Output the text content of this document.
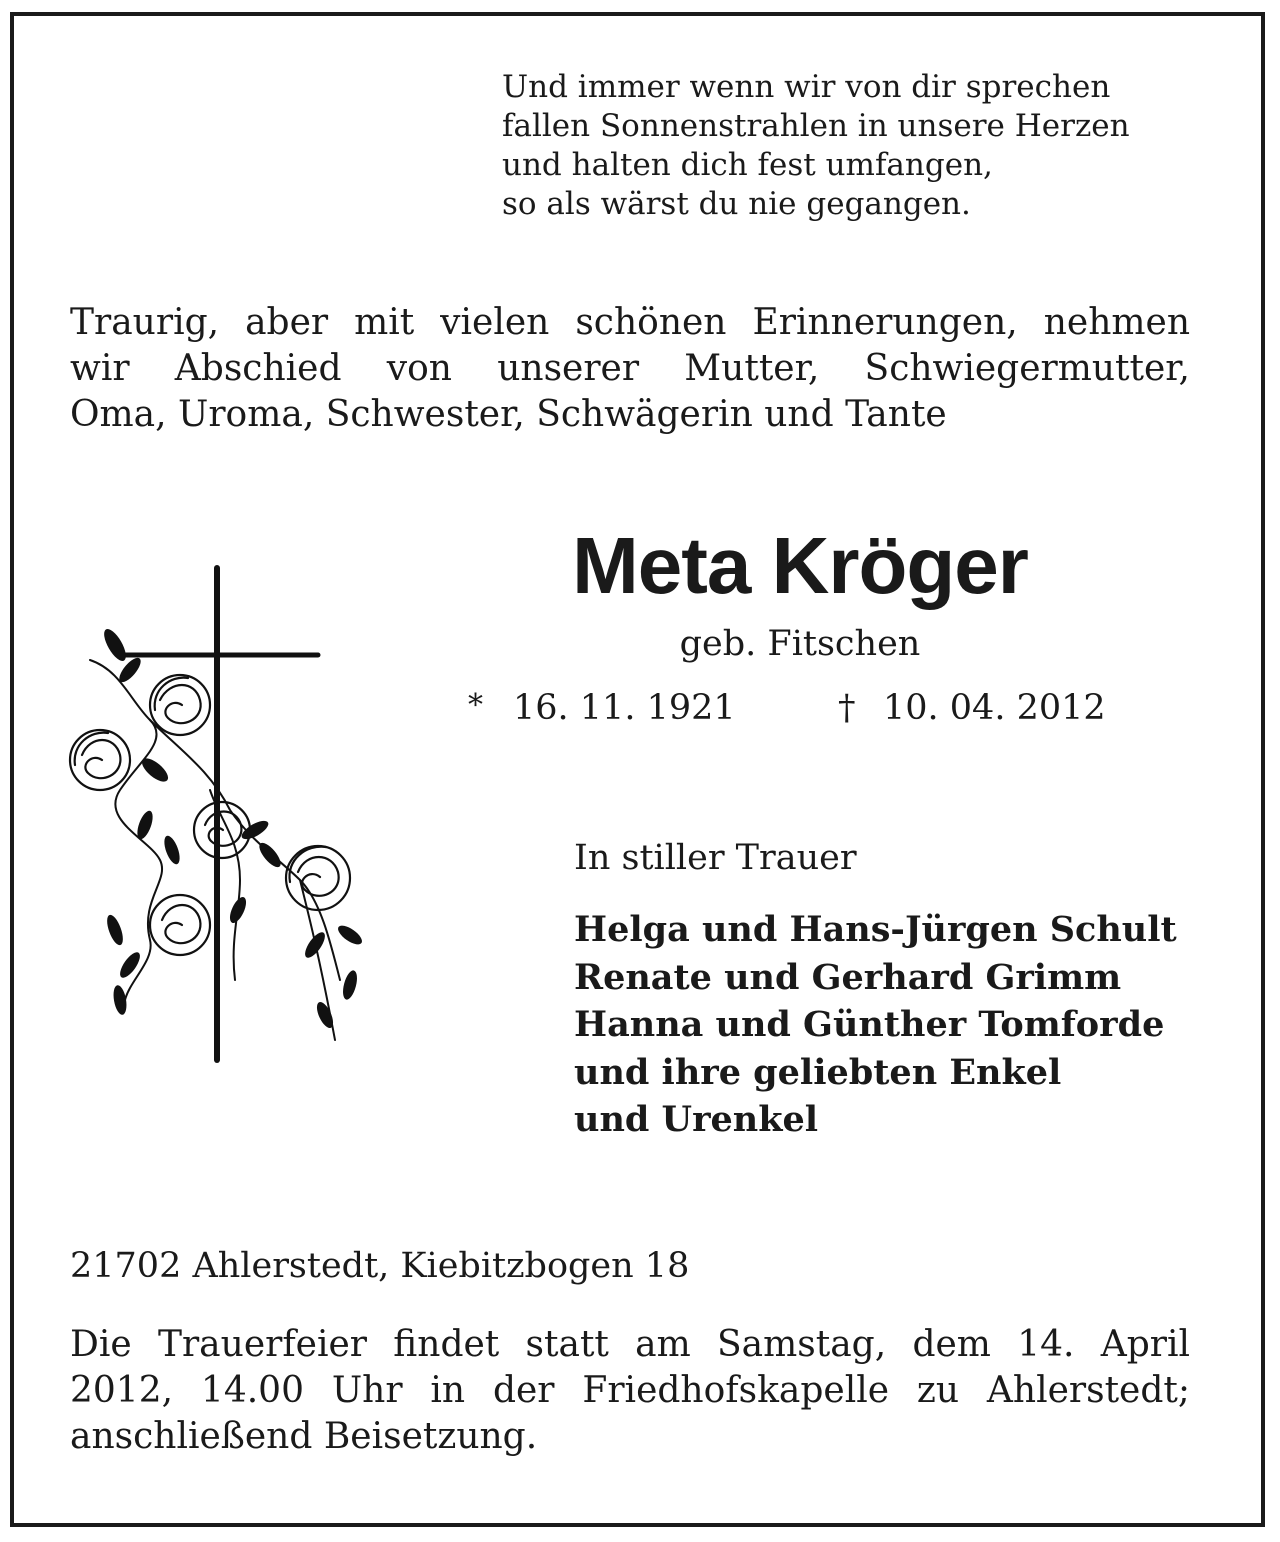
Und immer wenn wir von dir sprechen
fallen Sonnenstrahlen in unsere Herzen
und halten dich fest umfangen,
so als wärst du nie gegangen.
Traurig, aber mit vielen schönen Erinnerungen, nehmen
wir Abschied von unserer Mutter, Schwiegermutter,
Oma, Uroma, Schwester, Schwägerin und Tante
Meta Kröger
geb. Fitschen
* 16. 11. 1921	† 10. 04. 2012
In stiller Trauer
Helga und Hans-Jürgen Schult
Renate und Gerhard Grimm
Hanna und Günther Tomforde
und ihre geliebten Enkel
und Urenkel
21702 Ahlerstedt, Kiebitzbogen 18
Die Trauerfeier findet statt am Samstag, dem 14. April
2012, 14.00 Uhr in der Friedhofskapelle zu Ahlerstedt;
anschließend Beisetzung.
